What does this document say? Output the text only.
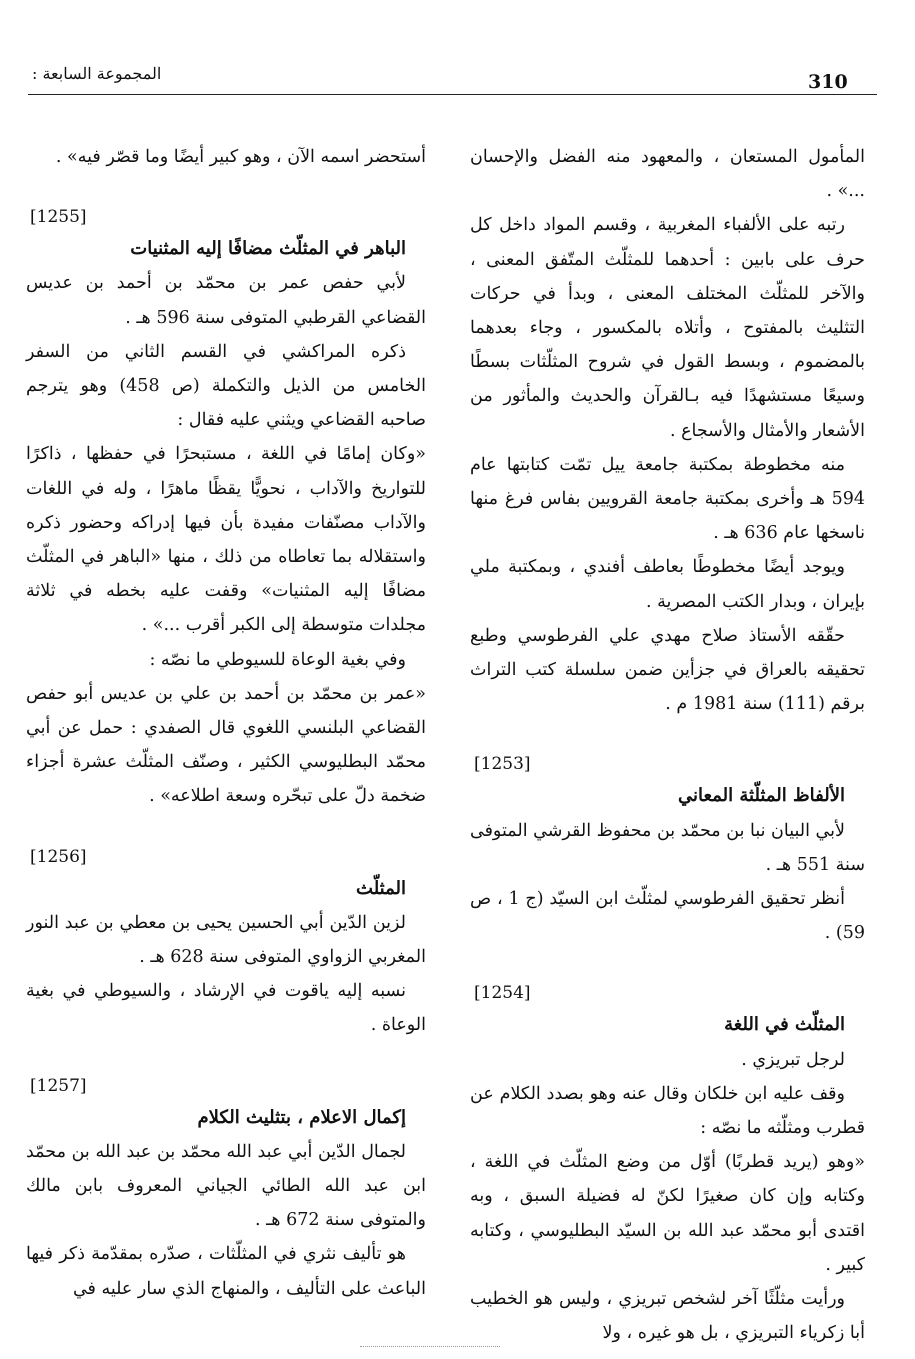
310
المجموعة السابعة :

المأمول المستعان ، والمعهود منه الفضل والإحسان ...» .

رتبه على الألفباء المغربية ، وقسم المواد داخل كل حرف على بابين : أحدهما للمثلّث المتّفق المعنى ، والآخر للمثلّث المختلف المعنى ، وبدأ في حركات التثليث بالمفتوح ، وأتلاه بالمكسور ، وجاء بعدهما بالمضموم ، وبسط القول في شروح المثلّثات بسطًا وسيعًا مستشهدًا فيه بـالقرآن والحديث والمأثور من الأشعار والأمثال والأسجاع .

منه مخطوطة بمكتبة جامعة ييل تمّت كتابتها عام 594 هـ وأخرى بمكتبة جامعة القرويين بفاس فرغ منها ناسخها عام 636 هـ .

ويوجد أيضًا مخطوطًا بعاطف أفندي ، وبمكتبة ملي بإيران ، وبدار الكتب المصرية .

حقّقه الأستاذ صلاح مهدي علي الفرطوسي وطبع تحقيقه بالعراق في جزأين ضمن سلسلة كتب التراث برقم (111) سنة 1981 م .

[1253]

الألفاظ المثلّثة المعاني

لأبي البيان نبا بن محمّد بن محفوظ القرشي المتوفى سنة 551 هـ .

أنظر تحقيق الفرطوسي لمثلّث ابن السيّد (ج 1 ، ص 59) .

[1254]

المثلّث في اللغة

لرجل تبريزي .

وقف عليه ابن خلكان وقال عنه وهو بصدد الكلام عن قطرب ومثلّثه ما نصّه :

«وهو (يريد قطربًا) أوّل من وضع المثلّث في اللغة ، وكتابه وإن كان صغيرًا لكنّ له فضيلة السبق ، وبه اقتدى أبو محمّد عبد الله بن السيّد البطليوسي ، وكتابه كبير .

ورأيت مثلّثًا آخر لشخص تبريزي ، وليس هو الخطيب أبا زكرياء التبريزي ، بل هو غيره ، ولا

أستحضر اسمه الآن ، وهو كبير أيضًا وما قصّر فيه» .

[1255]

الباهر في المثلّث مضافًا إليه المثنيات

لأبي حفص عمر بن محمّد بن أحمد بن عديس القضاعي القرطبي المتوفى سنة 596 هـ .

ذكره المراكشي في القسم الثاني من السفر الخامس من الذيل والتكملة (ص 458) وهو يترجم صاحبه القضاعي ويثني عليه فقال :

«وكان إمامًا في اللغة ، مستبحرًا في حفظها ، ذاكرًا للتواريخ والآداب ، نحويًّا يقظًا ماهرًا ، وله في اللغات والآداب مصنّفات مفيدة بأن فيها إدراكه وحضور ذكره واستقلاله بما تعاطاه من ذلك ، منها «الباهر في المثلّث مضافًا إليه المثنيات» وقفت عليه بخطه في ثلاثة مجلدات متوسطة إلى الكبر أقرب ...» .

وفي بغية الوعاة للسيوطي ما نصّه :

«عمر بن محمّد بن أحمد بن علي بن عديس أبو حفص القضاعي البلنسي اللغوي قال الصفدي : حمل عن أبي محمّد البطليوسي الكثير ، وصنّف المثلّث عشرة أجزاء ضخمة دلّ على تبحّره وسعة اطلاعه» .

[1256]

المثلّث

لزين الدّين أبي الحسين يحيى بن معطي بن عبد النور المغربي الزواوي المتوفى سنة 628 هـ .

نسبه إليه ياقوت في الإرشاد ، والسيوطي في بغية الوعاة .

[1257]

إكمال الاعلام ، بتثليث الكلام

لجمال الدّين أبي عبد الله محمّد بن عبد الله بن محمّد ابن عبد الله الطائي الجياني المعروف بابن مالك والمتوفى سنة 672 هـ .

هو تأليف نثري في المثلّثات ، صدّره بمقدّمة ذكر فيها الباعث على التأليف ، والمنهاج الذي سار عليه في
